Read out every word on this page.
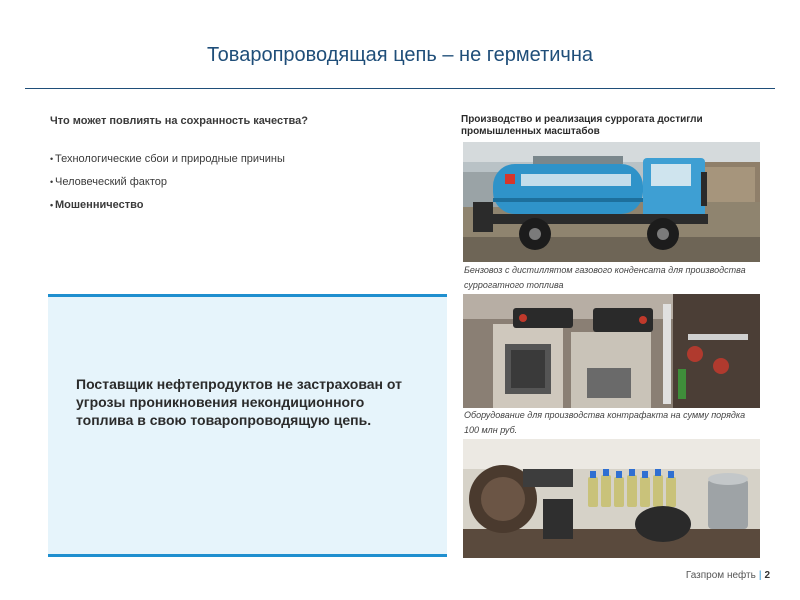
Товаропроводящая цепь – не герметична
Что может повлиять на сохранность качества?
• Технологические сбои и природные причины
• Человеческий фактор
• Мошенничество
Поставщик нефтепродуктов не застрахован от угрозы проникновения некондиционного топлива в свою товаропроводящую цепь.
Производство и реализация суррогата достигли промышленных масштабов
Бензовоз с дистиллятом газового конденсата для производства суррогатного топлива
Оборудование для производства контрафакта на сумму порядка 100 млн руб.
Газпром нефть | 2
